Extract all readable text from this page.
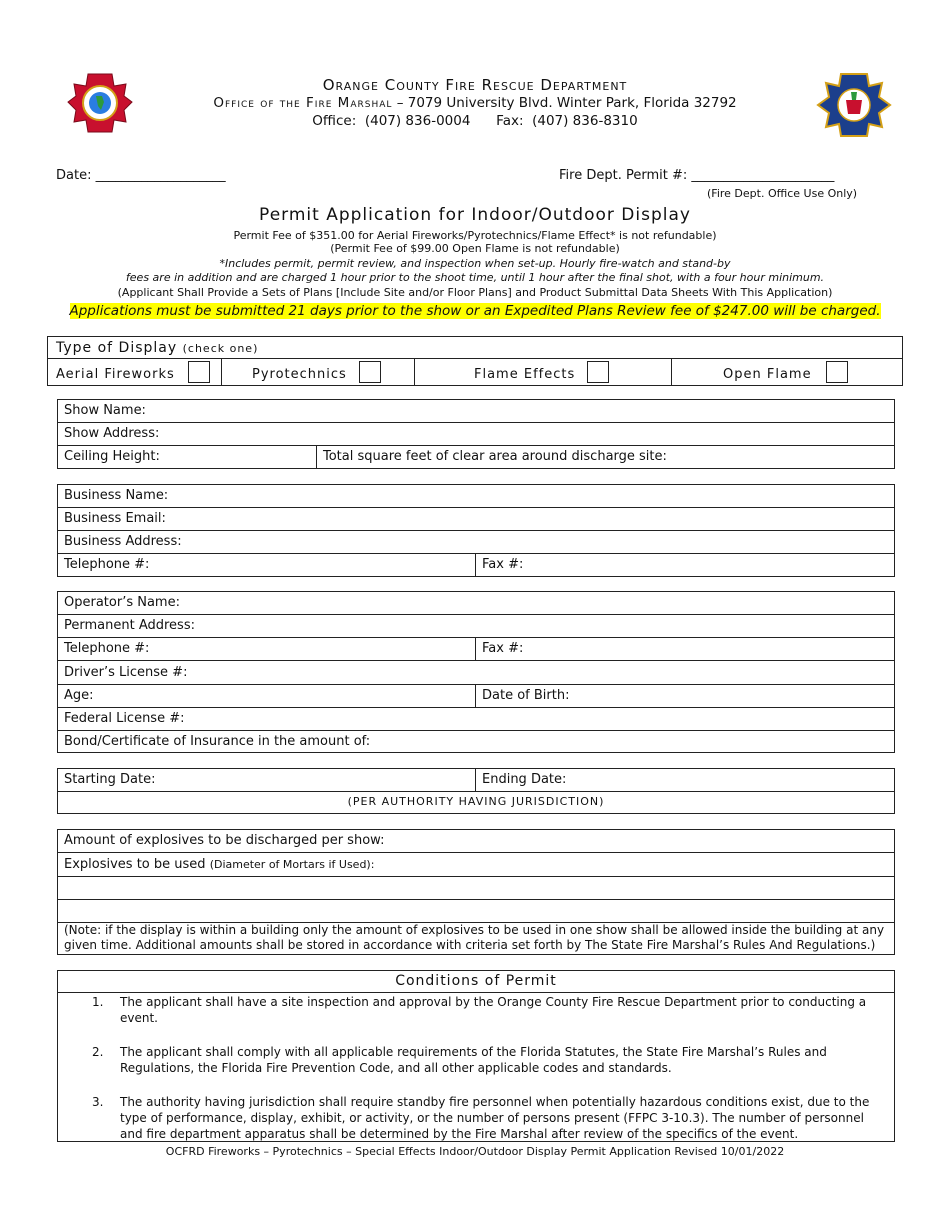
Orange County Fire Rescue Department
Office of the Fire Marshal – 7079 University Blvd. Winter Park, Florida 32792
Office:  (407) 836-0004      Fax:  (407) 836-8310
Date: ____________________	Fire Dept. Permit #: ______________________
(Fire Dept. Office Use Only)
Permit Application for Indoor/Outdoor Display
Permit Fee of $351.00 for Aerial Fireworks/Pyrotechnics/Flame Effect* is not refundable)
(Permit Fee of $99.00 Open Flame is not refundable)
*Includes permit, permit review, and inspection when set-up. Hourly fire-watch and stand-by
fees are in addition and are charged 1 hour prior to the shoot time, until 1 hour after the final shot, with a four hour minimum.
(Applicant Shall Provide a Sets of Plans [Include Site and/or Floor Plans] and Product Submittal Data Sheets With This Application)
Applications must be submitted 21 days prior to the show or an Expedited Plans Review fee of $247.00 will be charged.
Type of Display (check one)
Aerial Fireworks	Pyrotechnics	Flame Effects	Open Flame
Show Name:
Show Address:
Ceiling Height:	Total square feet of clear area around discharge site:
Business Name:
Business Email:
Business Address:
Telephone #:	Fax #:
Operator’s Name:
Permanent Address:
Telephone #:	Fax #:
Driver’s License #:
Age:	Date of Birth:
Federal License #:
Bond/Certificate of Insurance in the amount of:
Starting Date:	Ending Date:
(PER AUTHORITY HAVING JURISDICTION)
Amount of explosives to be discharged per show:
Explosives to be used (Diameter of Mortars if Used):
(Note: if the display is within a building only the amount of explosives to be used in one show shall be allowed inside the building at any given time. Additional amounts shall be stored in accordance with criteria set forth by The State Fire Marshal’s Rules And Regulations.)
Conditions of Permit
1. The applicant shall have a site inspection and approval by the Orange County Fire Rescue Department prior to conducting a event.
2. The applicant shall comply with all applicable requirements of the Florida Statutes, the State Fire Marshal’s Rules and Regulations, the Florida Fire Prevention Code, and all other applicable codes and standards.
3. The authority having jurisdiction shall require standby fire personnel when potentially hazardous conditions exist, due to the type of performance, display, exhibit, or activity, or the number of persons present (FFPC 3-10.3). The number of personnel and fire department apparatus shall be determined by the Fire Marshal after review of the specifics of the event.
OCFRD Fireworks – Pyrotechnics – Special Effects Indoor/Outdoor Display Permit Application Revised 10/01/2022
